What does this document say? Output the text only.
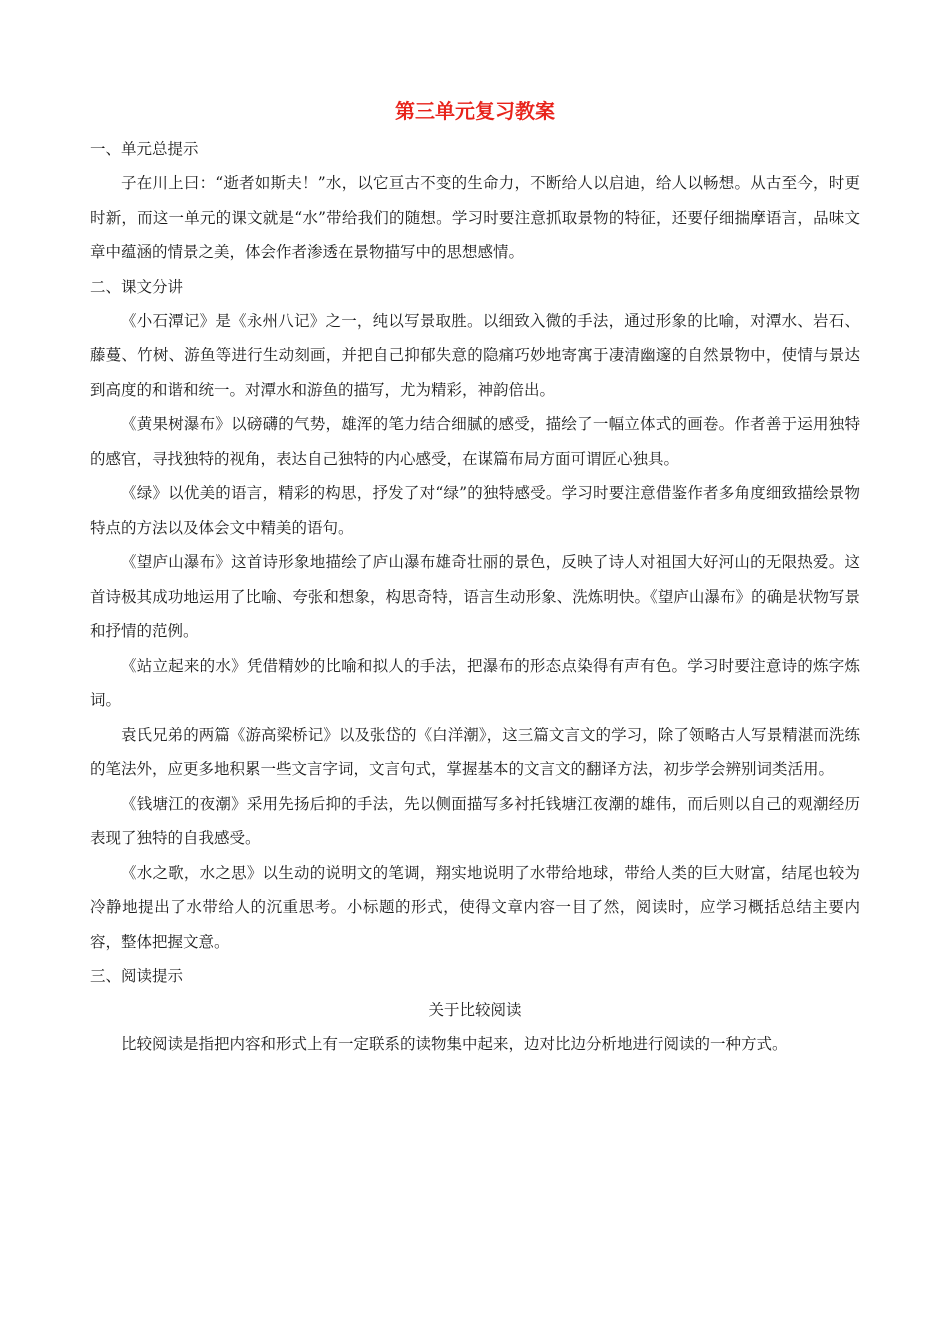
第三单元复习教案

一、单元总提示

子在川上曰：“逝者如斯夫！”水，以它亘古不变的生命力，不断给人以启迪，给人以畅想。从古至今，时更时新，而这一单元的课文就是“水”带给我们的随想。学习时要注意抓取景物的特征，还要仔细揣摩语言，品味文章中蕴涵的情景之美，体会作者渗透在景物描写中的思想感情。

二、课文分讲

《小石潭记》是《永州八记》之一，纯以写景取胜。以细致入微的手法，通过形象的比喻，对潭水、岩石、藤蔓、竹树、游鱼等进行生动刻画，并把自己抑郁失意的隐痛巧妙地寄寓于凄清幽邃的自然景物中，使情与景达到高度的和谐和统一。对潭水和游鱼的描写，尤为精彩，神韵倍出。

《黄果树瀑布》以磅礴的气势，雄浑的笔力结合细腻的感受，描绘了一幅立体式的画卷。作者善于运用独特的感官，寻找独特的视角，表达自己独特的内心感受，在谋篇布局方面可谓匠心独具。

《绿》以优美的语言，精彩的构思，抒发了对“绿”的独特感受。学习时要注意借鉴作者多角度细致描绘景物特点的方法以及体会文中精美的语句。

《望庐山瀑布》这首诗形象地描绘了庐山瀑布雄奇壮丽的景色，反映了诗人对祖国大好河山的无限热爱。这首诗极其成功地运用了比喻、夸张和想象，构思奇特，语言生动形象、洗炼明快。《望庐山瀑布》的确是状物写景和抒情的范例。

《站立起来的水》凭借精妙的比喻和拟人的手法，把瀑布的形态点染得有声有色。学习时要注意诗的炼字炼词。

袁氏兄弟的两篇《游高梁桥记》以及张岱的《白洋潮》，这三篇文言文的学习，除了领略古人写景精湛而洗练的笔法外，应更多地积累一些文言字词，文言句式，掌握基本的文言文的翻译方法，初步学会辨别词类活用。

《钱塘江的夜潮》采用先扬后抑的手法，先以侧面描写多衬托钱塘江夜潮的雄伟，而后则以自己的观潮经历表现了独特的自我感受。

《水之歌，水之思》以生动的说明文的笔调，翔实地说明了水带给地球，带给人类的巨大财富，结尾也较为冷静地提出了水带给人的沉重思考。小标题的形式，使得文章内容一目了然，阅读时，应学习概括总结主要内容，整体把握文意。

三、阅读提示

关于比较阅读

比较阅读是指把内容和形式上有一定联系的读物集中起来，边对比边分析地进行阅读的一种方式。
